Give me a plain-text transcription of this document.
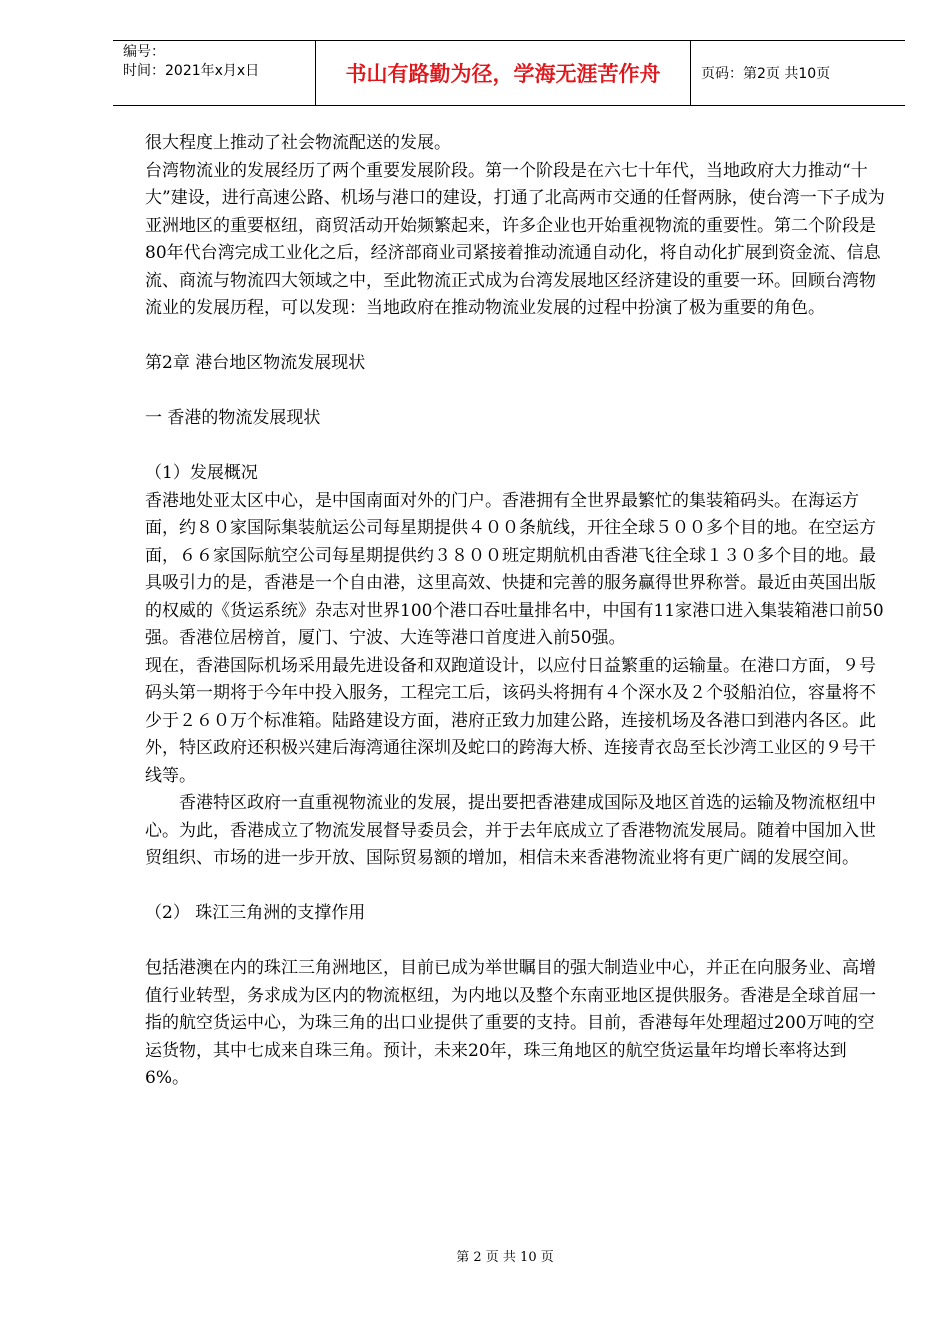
编号：
时间：2021年x月x日	书山有路勤为径，学海无涯苦作舟	页码：第2页 共10页

很大程度上推动了社会物流配送的发展。

台湾物流业的发展经历了两个重要发展阶段。第一个阶段是在六七十年代，当地政府大力推动“十大”建设，进行高速公路、机场与港口的建设，打通了北高两市交通的任督两脉，使台湾一下子成为亚洲地区的重要枢纽，商贸活动开始频繁起来，许多企业也开始重视物流的重要性。第二个阶段是80年代台湾完成工业化之后，经济部商业司紧接着推动流通自动化，将自动化扩展到资金流、信息流、商流与物流四大领域之中，至此物流正式成为台湾发展地区经济建设的重要一环。回顾台湾物流业的发展历程，可以发现：当地政府在推动物流业发展的过程中扮演了极为重要的角色。

第2章 港台地区物流发展现状

一 香港的物流发展现状

（1）发展概况

香港地处亚太区中心，是中国南面对外的门户。香港拥有全世界最繁忙的集装箱码头。在海运方面，约８０家国际集装航运公司每星期提供４００条航线，开往全球５００多个目的地。在空运方面，６６家国际航空公司每星期提供约３８００班定期航机由香港飞往全球１３０多个目的地。最具吸引力的是，香港是一个自由港，这里高效、快捷和完善的服务赢得世界称誉。最近由英国出版的权威的《货运系统》杂志对世界100个港口吞吐量排名中，中国有11家港口进入集装箱港口前50强。香港位居榜首，厦门、宁波、大连等港口首度进入前50强。

现在，香港国际机场采用最先进设备和双跑道设计，以应付日益繁重的运输量。在港口方面，９号码头第一期将于今年中投入服务，工程完工后，该码头将拥有４个深水及２个驳船泊位，容量将不少于２６０万个标准箱。陆路建设方面，港府正致力加建公路，连接机场及各港口到港内各区。此外，特区政府还积极兴建后海湾通往深圳及蛇口的跨海大桥、连接青衣岛至长沙湾工业区的９号干线等。

香港特区政府一直重视物流业的发展，提出要把香港建成国际及地区首选的运输及物流枢纽中心。为此，香港成立了物流发展督导委员会，并于去年底成立了香港物流发展局。随着中国加入世贸组织、市场的进一步开放、国际贸易额的增加，相信未来香港物流业将有更广阔的发展空间。

（2） 珠江三角洲的支撑作用

包括港澳在内的珠江三角洲地区，目前已成为举世瞩目的强大制造业中心，并正在向服务业、高增值行业转型，务求成为区内的物流枢纽，为内地以及整个东南亚地区提供服务。香港是全球首屈一指的航空货运中心，为珠三角的出口业提供了重要的支持。目前，香港每年处理超过200万吨的空运货物，其中七成来自珠三角。预计，未来20年，珠三角地区的航空货运量年均增长率将达到6%。

第 2 页 共 10 页
